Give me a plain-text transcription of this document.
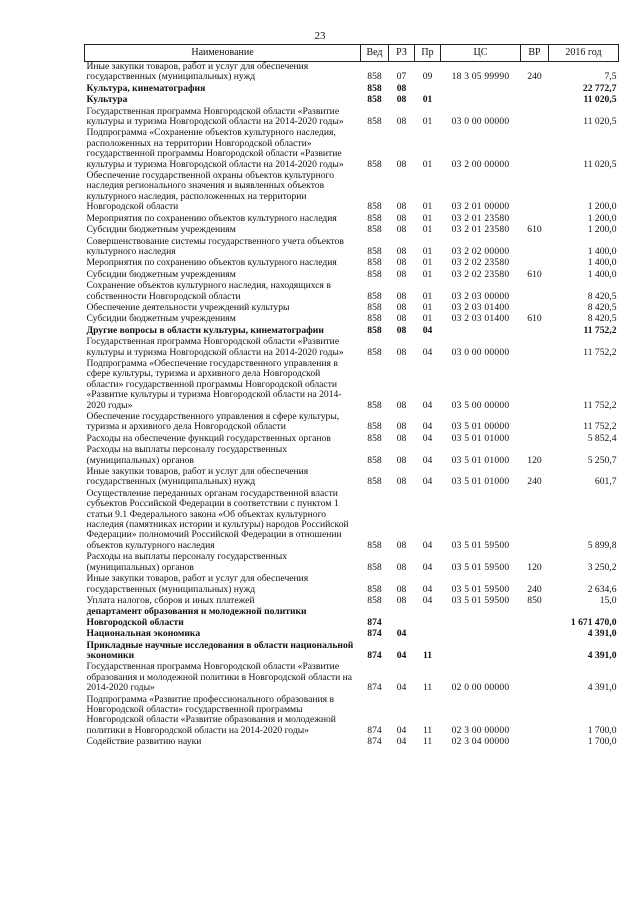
23
Наименование	Вед	РЗ	Пр	ЦС	ВР	2016 год
Иные закупки товаров, работ и услуг для обеспечения государственных (муниципальных) нужд	858	07	09	18 3 05 99990	240	7,5
Культура, кинематография	858	08				22 772,7
Культура	858	08	01			11 020,5
Государственная программа Новгородской области «Развитие культуры и туризма Новгородской области на 2014-2020 годы»	858	08	01	03 0 00 00000		11 020,5
Подпрограмма «Сохранение объектов культурного наследия, расположенных на территории Новгородской области» государственной программы Новгородской области «Развитие культуры и туризма Новгородской области на 2014-2020 годы»	858	08	01	03 2 00 00000		11 020,5
Обеспечение государственной охраны объектов культурного наследия регионального значения и выявленных объектов культурного наследия, расположенных на территории Новгородской области	858	08	01	03 2 01 00000		1 200,0
Мероприятия по сохранению объектов культурного наследия	858	08	01	03 2 01 23580		1 200,0
Субсидии бюджетным учреждениям	858	08	01	03 2 01 23580	610	1 200,0
Совершенствование системы государственного учета объектов культурного наследия	858	08	01	03 2 02 00000		1 400,0
Мероприятия по сохранению объектов культурного наследия	858	08	01	03 2 02 23580		1 400,0
Субсидии бюджетным учреждениям	858	08	01	03 2 02 23580	610	1 400,0
Сохранение объектов культурного наследия, находящихся в собственности Новгородской области	858	08	01	03 2 03 00000		8 420,5
Обеспечение деятельности учреждений культуры	858	08	01	03 2 03 01400		8 420,5
Субсидии бюджетным учреждениям	858	08	01	03 2 03 01400	610	8 420,5
Другие вопросы в области культуры, кинематографии	858	08	04			11 752,2
Государственная программа Новгородской области «Развитие культуры и туризма Новгородской области на 2014-2020 годы»	858	08	04	03 0 00 00000		11 752,2
Подпрограмма «Обеспечение государственного управления в сфере культуры, туризма и архивного дела Новгородской области» государственной программы Новгородской области «Развитие культуры и туризма Новгородской области на 2014-2020 годы»	858	08	04	03 5 00 00000		11 752,2
Обеспечение государственного управления в сфере культуры, туризма и архивного дела Новгородской области	858	08	04	03 5 01 00000		11 752,2
Расходы на обеспечение функций государственных органов	858	08	04	03 5 01 01000		5 852,4
Расходы на выплаты персоналу государственных (муниципальных) органов	858	08	04	03 5 01 01000	120	5 250,7
Иные закупки товаров, работ и услуг для обеспечения государственных (муниципальных) нужд	858	08	04	03 5 01 01000	240	601,7
Осуществление переданных органам государственной власти субъектов Российской Федерации в соответствии с пунктом 1 статьи 9.1 Федерального закона «Об объектах культурного наследия (памятниках истории и культуры) народов Российской Федерации» полномочий Российской Федерации в отношении объектов культурного наследия	858	08	04	03 5 01 59500		5 899,8
Расходы на выплаты персоналу государственных (муниципальных) органов	858	08	04	03 5 01 59500	120	3 250,2
Иные закупки товаров, работ и услуг для обеспечения государственных (муниципальных) нужд	858	08	04	03 5 01 59500	240	2 634,6
Уплата налогов, сборов и иных платежей	858	08	04	03 5 01 59500	850	15,0
департамент образования и молодежной политики Новгородской области	874					1 671 470,0
Национальная экономика	874	04				4 391,0
Прикладные научные исследования в области национальной экономики	874	04	11			4 391,0
Государственная программа Новгородской области «Развитие образования и молодежной политики в Новгородской области на 2014-2020 годы»	874	04	11	02 0 00 00000		4 391,0
Подпрограмма «Развитие профессионального образования в Новгородской области» государственной программы Новгородской области «Развитие образования и молодежной политики в Новгородской области на 2014-2020 годы»	874	04	11	02 3 00 00000		1 700,0
Содействие развитию науки	874	04	11	02 3 04 00000		1 700,0
